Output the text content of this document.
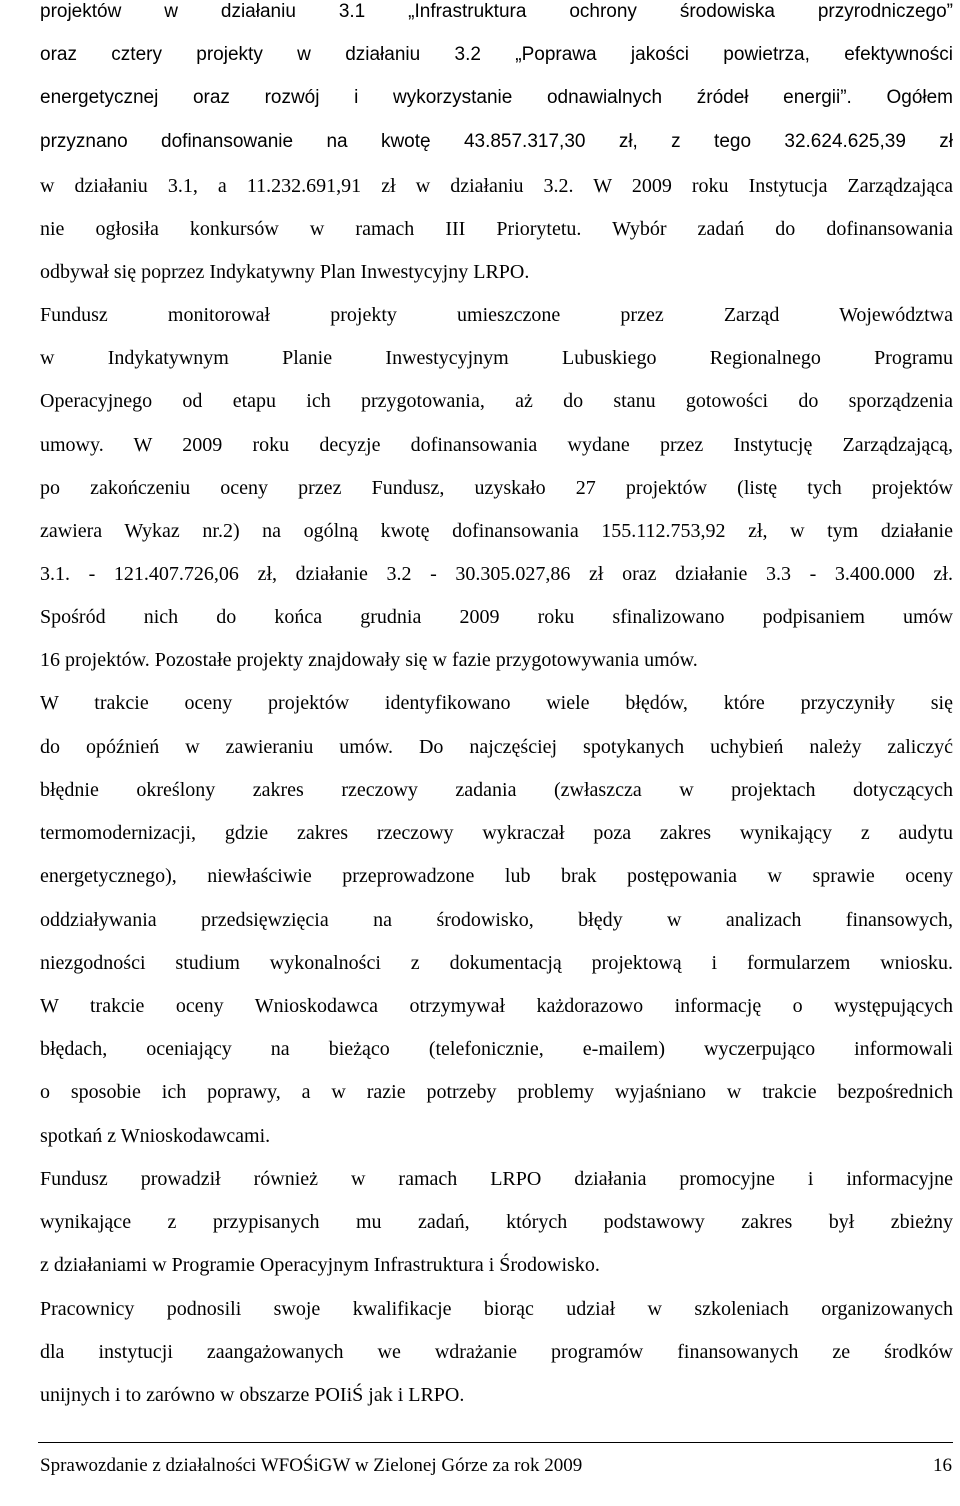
projektów w działaniu 3.1 „Infrastruktura ochrony środowiska przyrodniczego”
oraz cztery projekty w działaniu 3.2 „Poprawa jakości powietrza, efektywności
energetycznej oraz rozwój i wykorzystanie odnawialnych źródeł energii”. Ogółem
przyznano dofinansowanie na kwotę 43.857.317,30 zł, z tego 32.624.625,39 zł
w działaniu 3.1, a 11.232.691,91 zł w działaniu 3.2. W 2009 roku Instytucja Zarządzająca
nie ogłosiła konkursów w ramach III Priorytetu. Wybór zadań do dofinansowania
odbywał się poprzez Indykatywny Plan Inwestycyjny LRPO.
Fundusz monitorował projekty umieszczone przez Zarząd Województwa
w Indykatywnym Planie Inwestycyjnym Lubuskiego Regionalnego Programu
Operacyjnego od etapu ich przygotowania, aż do stanu gotowości do sporządzenia
umowy. W 2009 roku decyzje dofinansowania wydane przez Instytucję Zarządzającą,
po zakończeniu oceny przez Fundusz, uzyskało 27 projektów (listę tych projektów
zawiera Wykaz nr.2) na ogólną kwotę dofinansowania 155.112.753,92 zł, w tym działanie
3.1. - 121.407.726,06 zł, działanie 3.2 - 30.305.027,86 zł oraz działanie 3.3 - 3.400.000 zł.
Spośród nich do końca grudnia 2009 roku sfinalizowano podpisaniem umów
16 projektów. Pozostałe projekty znajdowały się w fazie przygotowywania umów.
W trakcie oceny projektów identyfikowano wiele błędów, które przyczyniły się
do opóźnień w zawieraniu umów. Do najczęściej spotykanych uchybień należy zaliczyć
błędnie określony zakres rzeczowy zadania (zwłaszcza w projektach dotyczących
termomodernizacji, gdzie zakres rzeczowy wykraczał poza zakres wynikający z audytu
energetycznego), niewłaściwie przeprowadzone lub brak postępowania w sprawie oceny
oddziaływania przedsięwzięcia na środowisko, błędy w analizach finansowych,
niezgodności studium wykonalności z dokumentacją projektową i formularzem wniosku.
W trakcie oceny Wnioskodawca otrzymywał każdorazowo informację o występujących
błędach, oceniający na bieżąco (telefonicznie, e-mailem) wyczerpująco informowali
o sposobie ich poprawy, a w razie potrzeby problemy wyjaśniano w trakcie bezpośrednich
spotkań z Wnioskodawcami.
Fundusz prowadził również w ramach LRPO działania promocyjne i informacyjne
wynikające z przypisanych mu zadań, których podstawowy zakres był zbieżny
z działaniami w Programie Operacyjnym Infrastruktura i Środowisko.
Pracownicy podnosili swoje kwalifikacje biorąc udział w szkoleniach organizowanych
dla instytucji zaangażowanych we wdrażanie programów finansowanych ze środków
unijnych i to zarówno w obszarze POIiŚ jak i LRPO.
Sprawozdanie z działalności WFOŚiGW w Zielonej Górze za rok 2009	16
